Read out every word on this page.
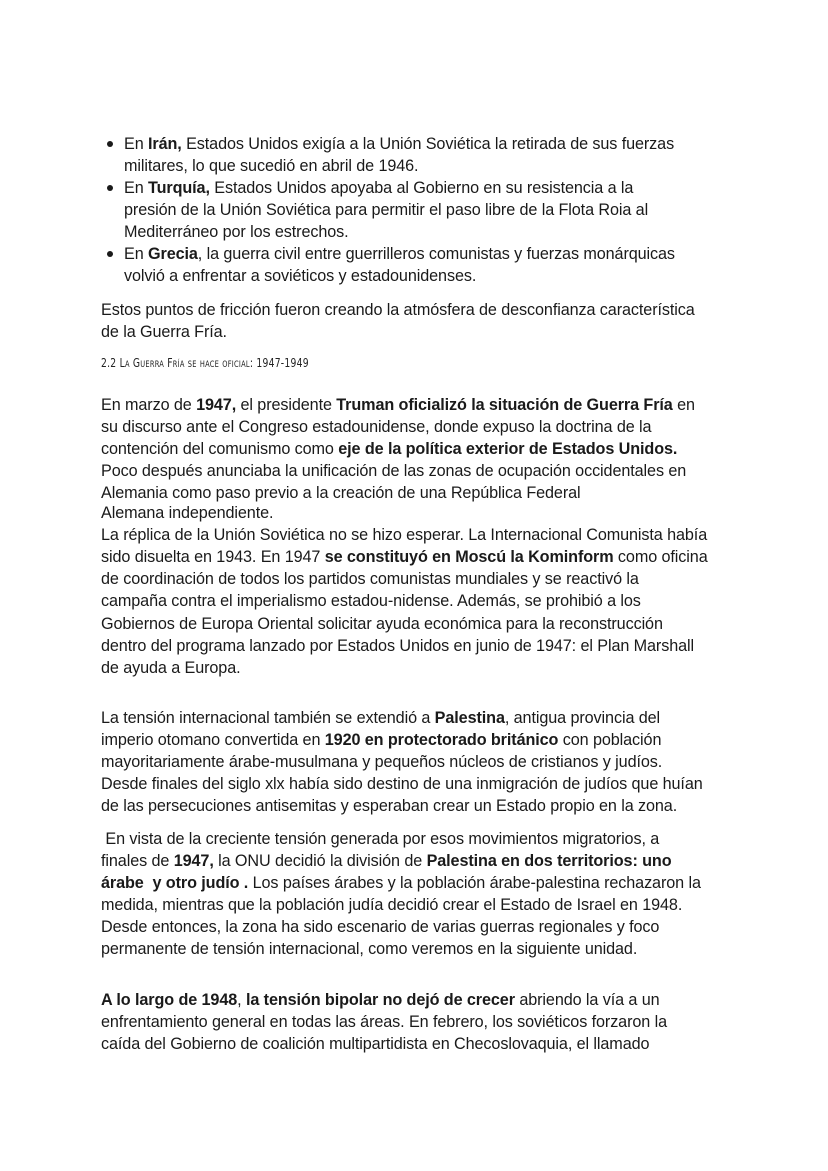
En Irán, Estados Unidos exigía a la Unión Soviética la retirada de sus fuerzas
militares, lo que sucedió en abril de 1946.
En Turquía, Estados Unidos apoyaba al Gobierno en su resistencia a la
presión de la Unión Soviética para permitir el paso libre de la Flota Roia al
Mediterráneo por los estrechos.
En Grecia, la guerra civil entre guerrilleros comunistas y fuerzas monárquicas
volvió a enfrentar a soviéticos y estadounidenses.
Estos puntos de fricción fueron creando la atmósfera de desconfianza característica
de la Guerra Fría.
2.2 La Guerra Fría se hace oficial: 1947-1949
En marzo de 1947, el presidente Truman oficializó la situación de Guerra Fría en
su discurso ante el Congreso estadounidense, donde expuso la doctrina de la
contención del comunismo como eje de la política exterior de Estados Unidos.
Poco después anunciaba la unificación de las zonas de ocupación occidentales en
Alemania como paso previo a la creación de una República Federal
Alemana independiente.
La réplica de la Unión Soviética no se hizo esperar. La Internacional Comunista había
sido disuelta en 1943. En 1947 se constituyó en Moscú la Kominform como oficina
de coordinación de todos los partidos comunistas mundiales y se reactivó la
campaña contra el imperialismo estadou-nidense. Además, se prohibió a los
Gobiernos de Europa Oriental solicitar ayuda económica para la reconstrucción
dentro del programa lanzado por Estados Unidos en junio de 1947: el Plan Marshall
de ayuda a Europa.
La tensión internacional también se extendió a Palestina, antigua provincia del
imperio otomano convertida en 1920 en protectorado británico con población
mayoritariamente árabe-musulmana y pequeños núcleos de cristianos y judíos.
Desde finales del siglo xlx había sido destino de una inmigración de judíos que huían
de las persecuciones antisemitas y esperaban crear un Estado propio en la zona.
En vista de la creciente tensión generada por esos movimientos migratorios, a
finales de 1947, la ONU decidió la división de Palestina en dos territorios: uno
árabe  y otro judío . Los países árabes y la población árabe-palestina rechazaron la
medida, mientras que la población judía decidió crear el Estado de Israel en 1948.
Desde entonces, la zona ha sido escenario de varias guerras regionales y foco
permanente de tensión internacional, como veremos en la siguiente unidad.
A lo largo de 1948, la tensión bipolar no dejó de crecer abriendo la vía a un
enfrentamiento general en todas las áreas. En febrero, los soviéticos forzaron la
caída del Gobierno de coalición multipartidista en Checoslovaquia, el llamado
